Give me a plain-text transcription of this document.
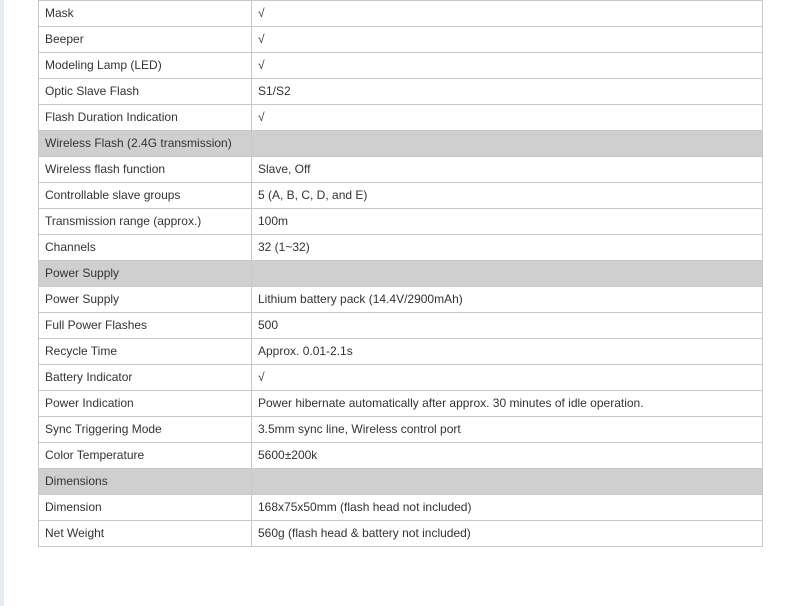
Mask	√
Beeper	√
Modeling Lamp (LED)	√
Optic Slave Flash	S1/S2
Flash Duration Indication	√
Wireless Flash (2.4G transmission)	
Wireless flash function	Slave, Off
Controllable slave groups	5 (A, B, C, D, and E)
Transmission range (approx.)	100m
Channels	32 (1~32)
Power Supply	
Power Supply	Lithium battery pack (14.4V/2900mAh)
Full Power Flashes	500
Recycle Time	Approx. 0.01-2.1s
Battery Indicator	√
Power Indication	Power hibernate automatically after approx. 30 minutes of idle operation.
Sync Triggering Mode	3.5mm sync line, Wireless control port
Color Temperature	5600±200k
Dimensions	
Dimension	168x75x50mm (flash head not included)
Net Weight	560g (flash head & battery not included)
